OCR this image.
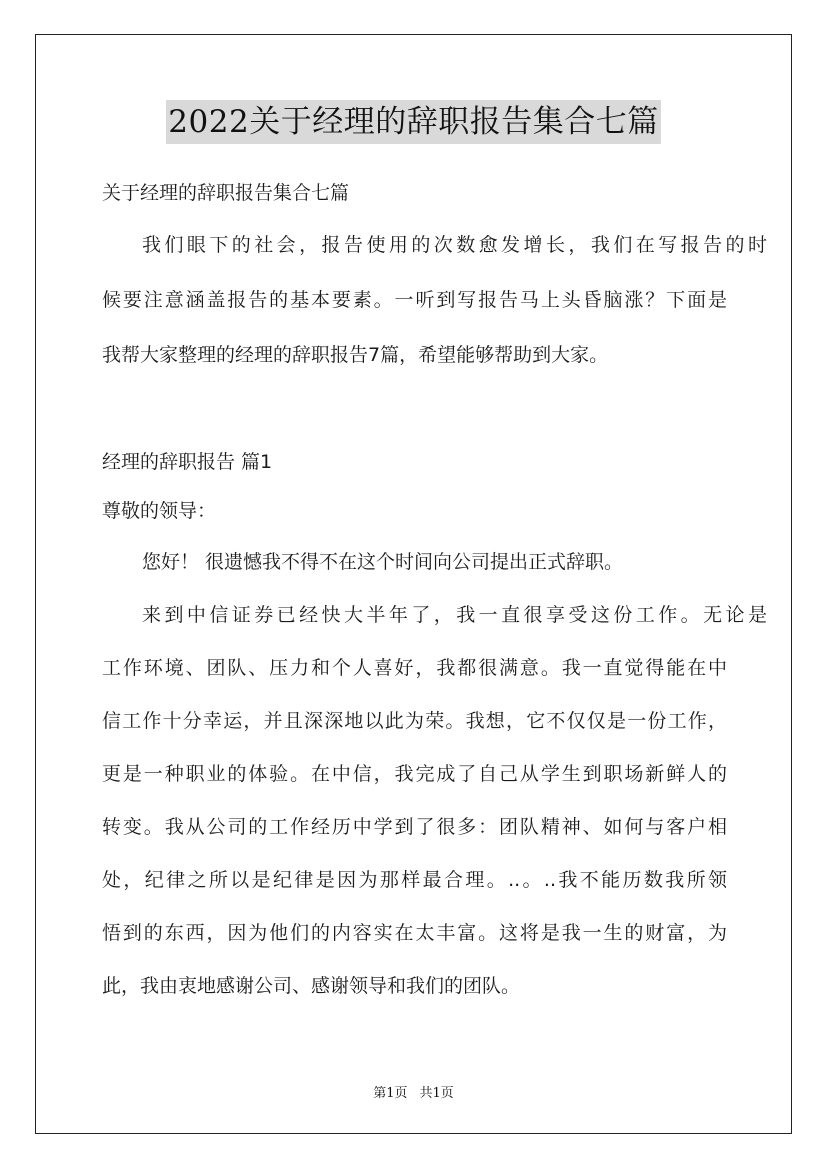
2022关于经理的辞职报告集合七篇
关于经理的辞职报告集合七篇
我们眼下的社会，报告使用的次数愈发增长，我们在写报告的时
候要注意涵盖报告的基本要素。一听到写报告马上头昏脑涨？下面是
我帮大家整理的经理的辞职报告7篇，希望能够帮助到大家。
经理的辞职报告 篇1
尊敬的领导：
您好！ 很遗憾我不得不在这个时间向公司提出正式辞职。
来到中信证券已经快大半年了，我一直很享受这份工作。无论是
工作环境、团队、压力和个人喜好，我都很满意。我一直觉得能在中
信工作十分幸运，并且深深地以此为荣。我想，它不仅仅是一份工作，
更是一种职业的体验。在中信，我完成了自己从学生到职场新鲜人的
转变。我从公司的工作经历中学到了很多：团队精神、如何与客户相
处，纪律之所以是纪律是因为那样最合理。..。..我不能历数我所领
悟到的东西，因为他们的内容实在太丰富。这将是我一生的财富，为
此，我由衷地感谢公司、感谢领导和我们的团队。
第1页 共1页
